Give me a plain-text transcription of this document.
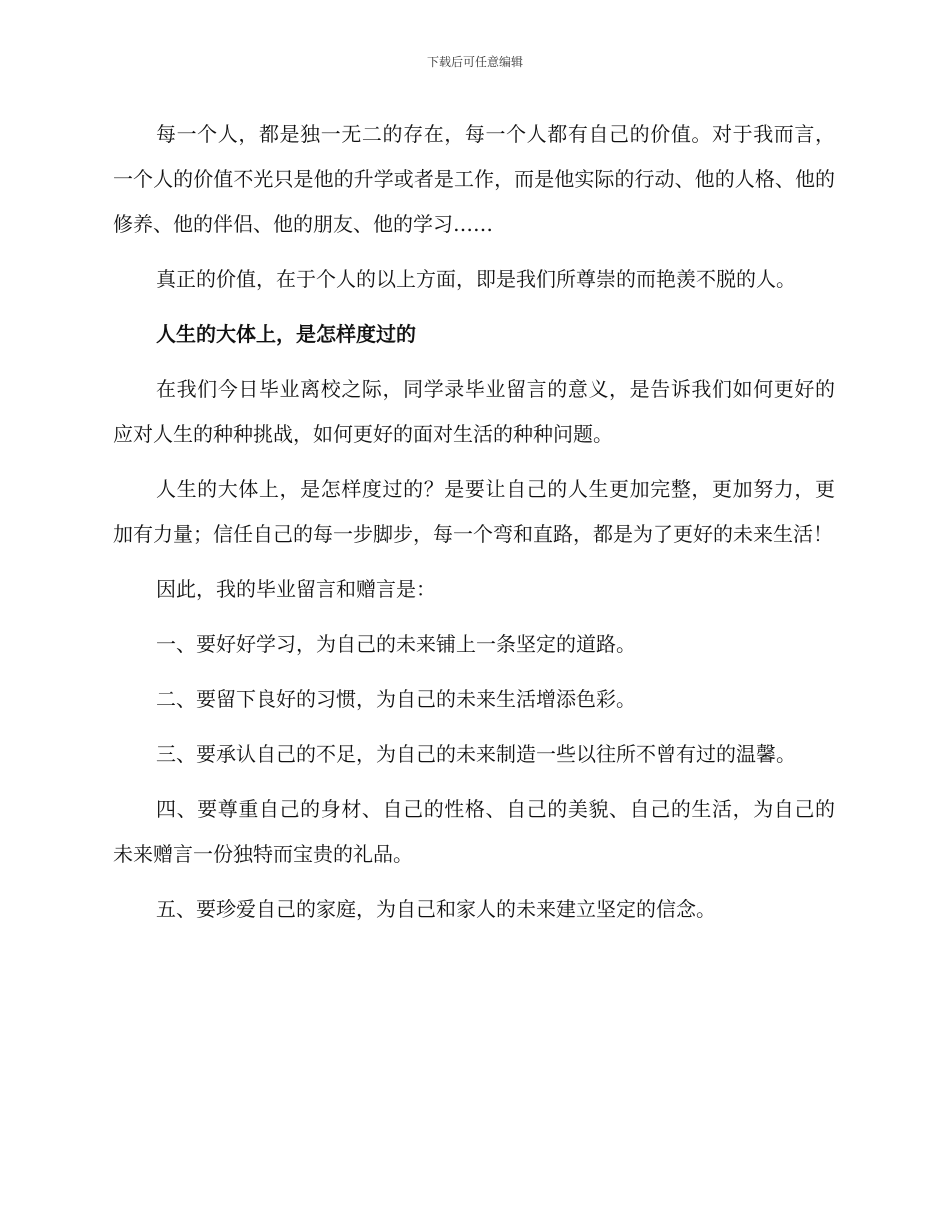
下载后可任意编辑

每一个人，都是独一无二的存在，每一个人都有自己的价值。对于我而言，一个人的价值不光只是他的升学或者是工作，而是他实际的行动、他的人格、他的修养、他的伴侣、他的朋友、他的学习……

真正的价值，在于个人的以上方面，即是我们所尊崇的而艳羡不脱的人。

人生的大体上，是怎样度过的

在我们今日毕业离校之际，同学录毕业留言的意义，是告诉我们如何更好的应对人生的种种挑战，如何更好的面对生活的种种问题。

人生的大体上，是怎样度过的？是要让自己的人生更加完整，更加努力，更加有力量；信任自己的每一步脚步，每一个弯和直路，都是为了更好的未来生活！

因此，我的毕业留言和赠言是：

一、要好好学习，为自己的未来铺上一条坚定的道路。

二、要留下良好的习惯，为自己的未来生活增添色彩。

三、要承认自己的不足，为自己的未来制造一些以往所不曾有过的温馨。

四、要尊重自己的身材、自己的性格、自己的美貌、自己的生活，为自己的未来赠言一份独特而宝贵的礼品。

五、要珍爱自己的家庭，为自己和家人的未来建立坚定的信念。
